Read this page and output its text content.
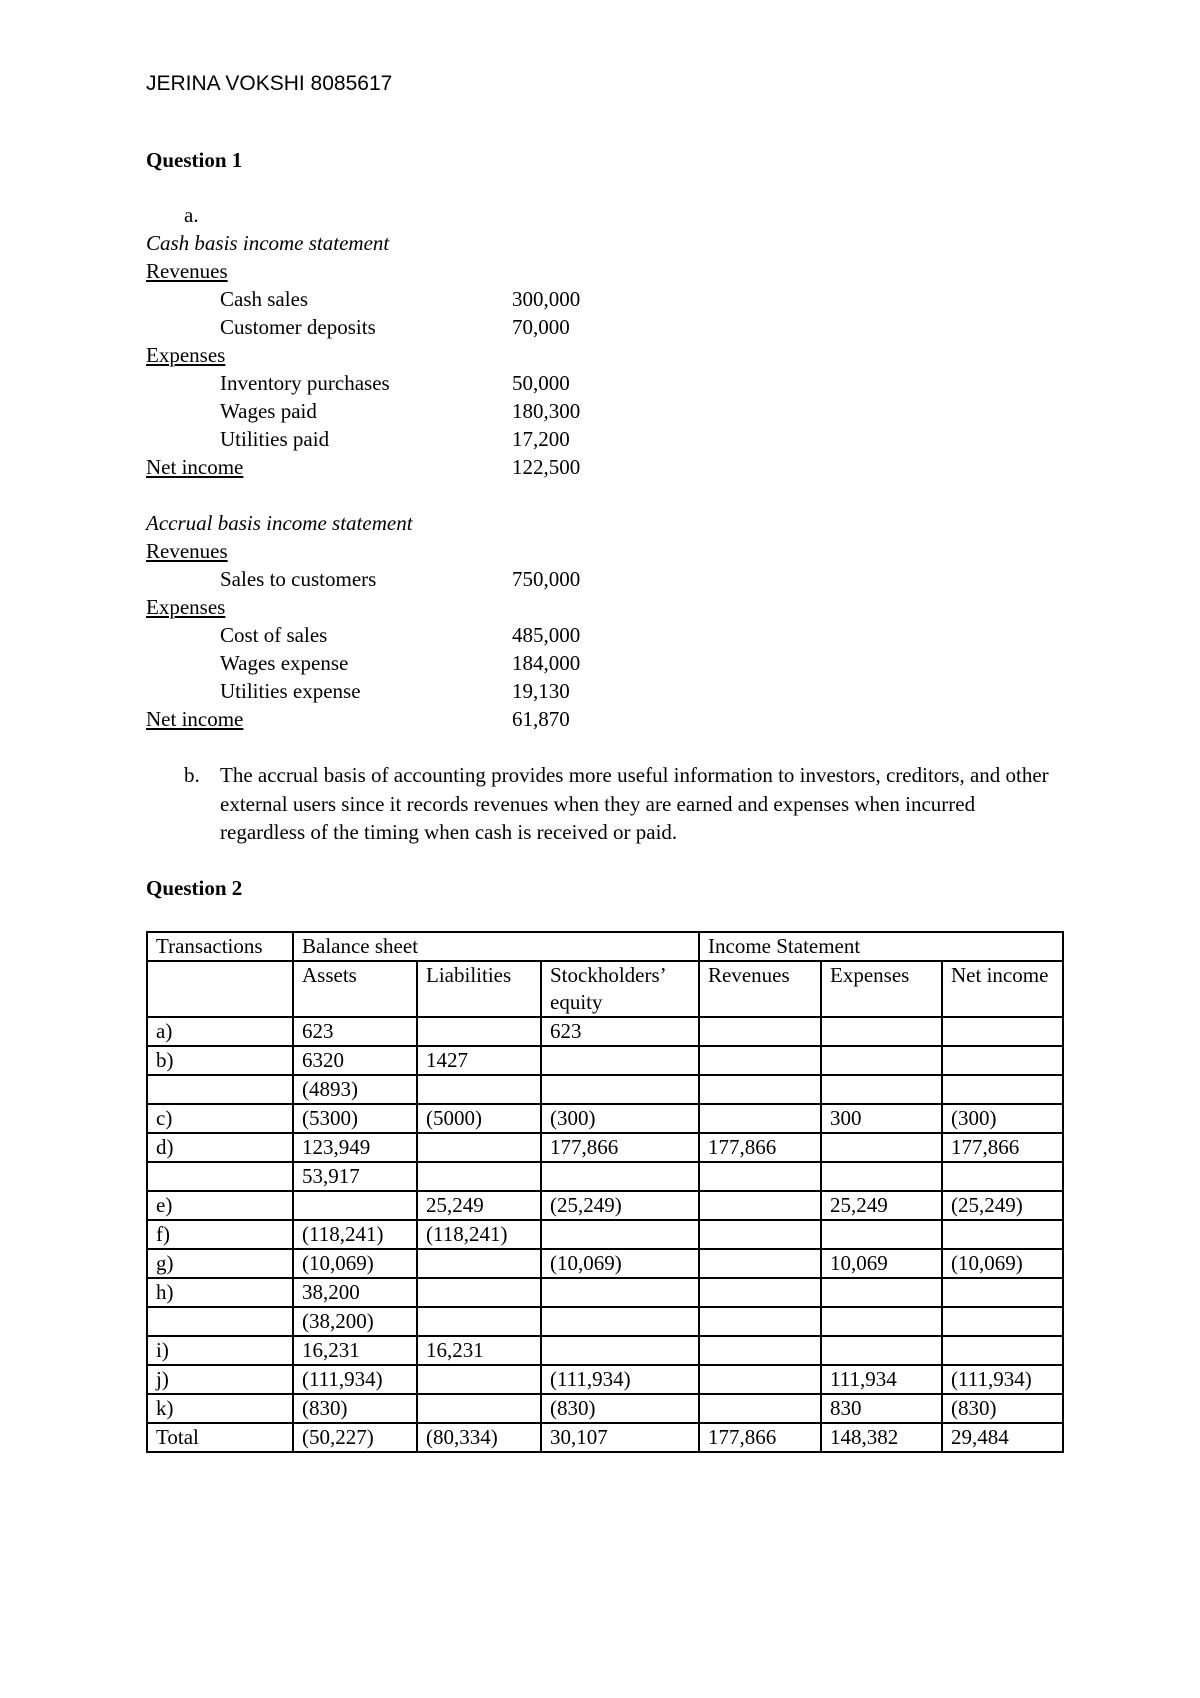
JERINA VOKSHI 8085617
Question 1
a.
Cash basis income statement
Revenues
Cash sales	300,000
Customer deposits	70,000
Expenses
Inventory purchases	50,000
Wages paid	180,300
Utilities paid	17,200
Net income	122,500
Accrual basis income statement
Revenues
Sales to customers	750,000
Expenses
Cost of sales	485,000
Wages expense	184,000
Utilities expense	19,130
Net income	61,870
b. The accrual basis of accounting provides more useful information to investors, creditors, and other external users since it records revenues when they are earned and expenses when incurred regardless of the timing when cash is received or paid.
Question 2
Transactions	Balance sheet			Income Statement		
	Assets	Liabilities	Stockholders’ equity	Revenues	Expenses	Net income
a)	623		623			
b)	6320	1427				
	(4893)					
c)	(5300)	(5000)	(300)		300	(300)
d)	123,949		177,866	177,866		177,866
	53,917					
e)		25,249	(25,249)		25,249	(25,249)
f)	(118,241)	(118,241)				
g)	(10,069)		(10,069)		10,069	(10,069)
h)	38,200					
	(38,200)					
i)	16,231	16,231				
j)	(111,934)		(111,934)		111,934	(111,934)
k)	(830)		(830)		830	(830)
Total	(50,227)	(80,334)	30,107	177,866	148,382	29,484
